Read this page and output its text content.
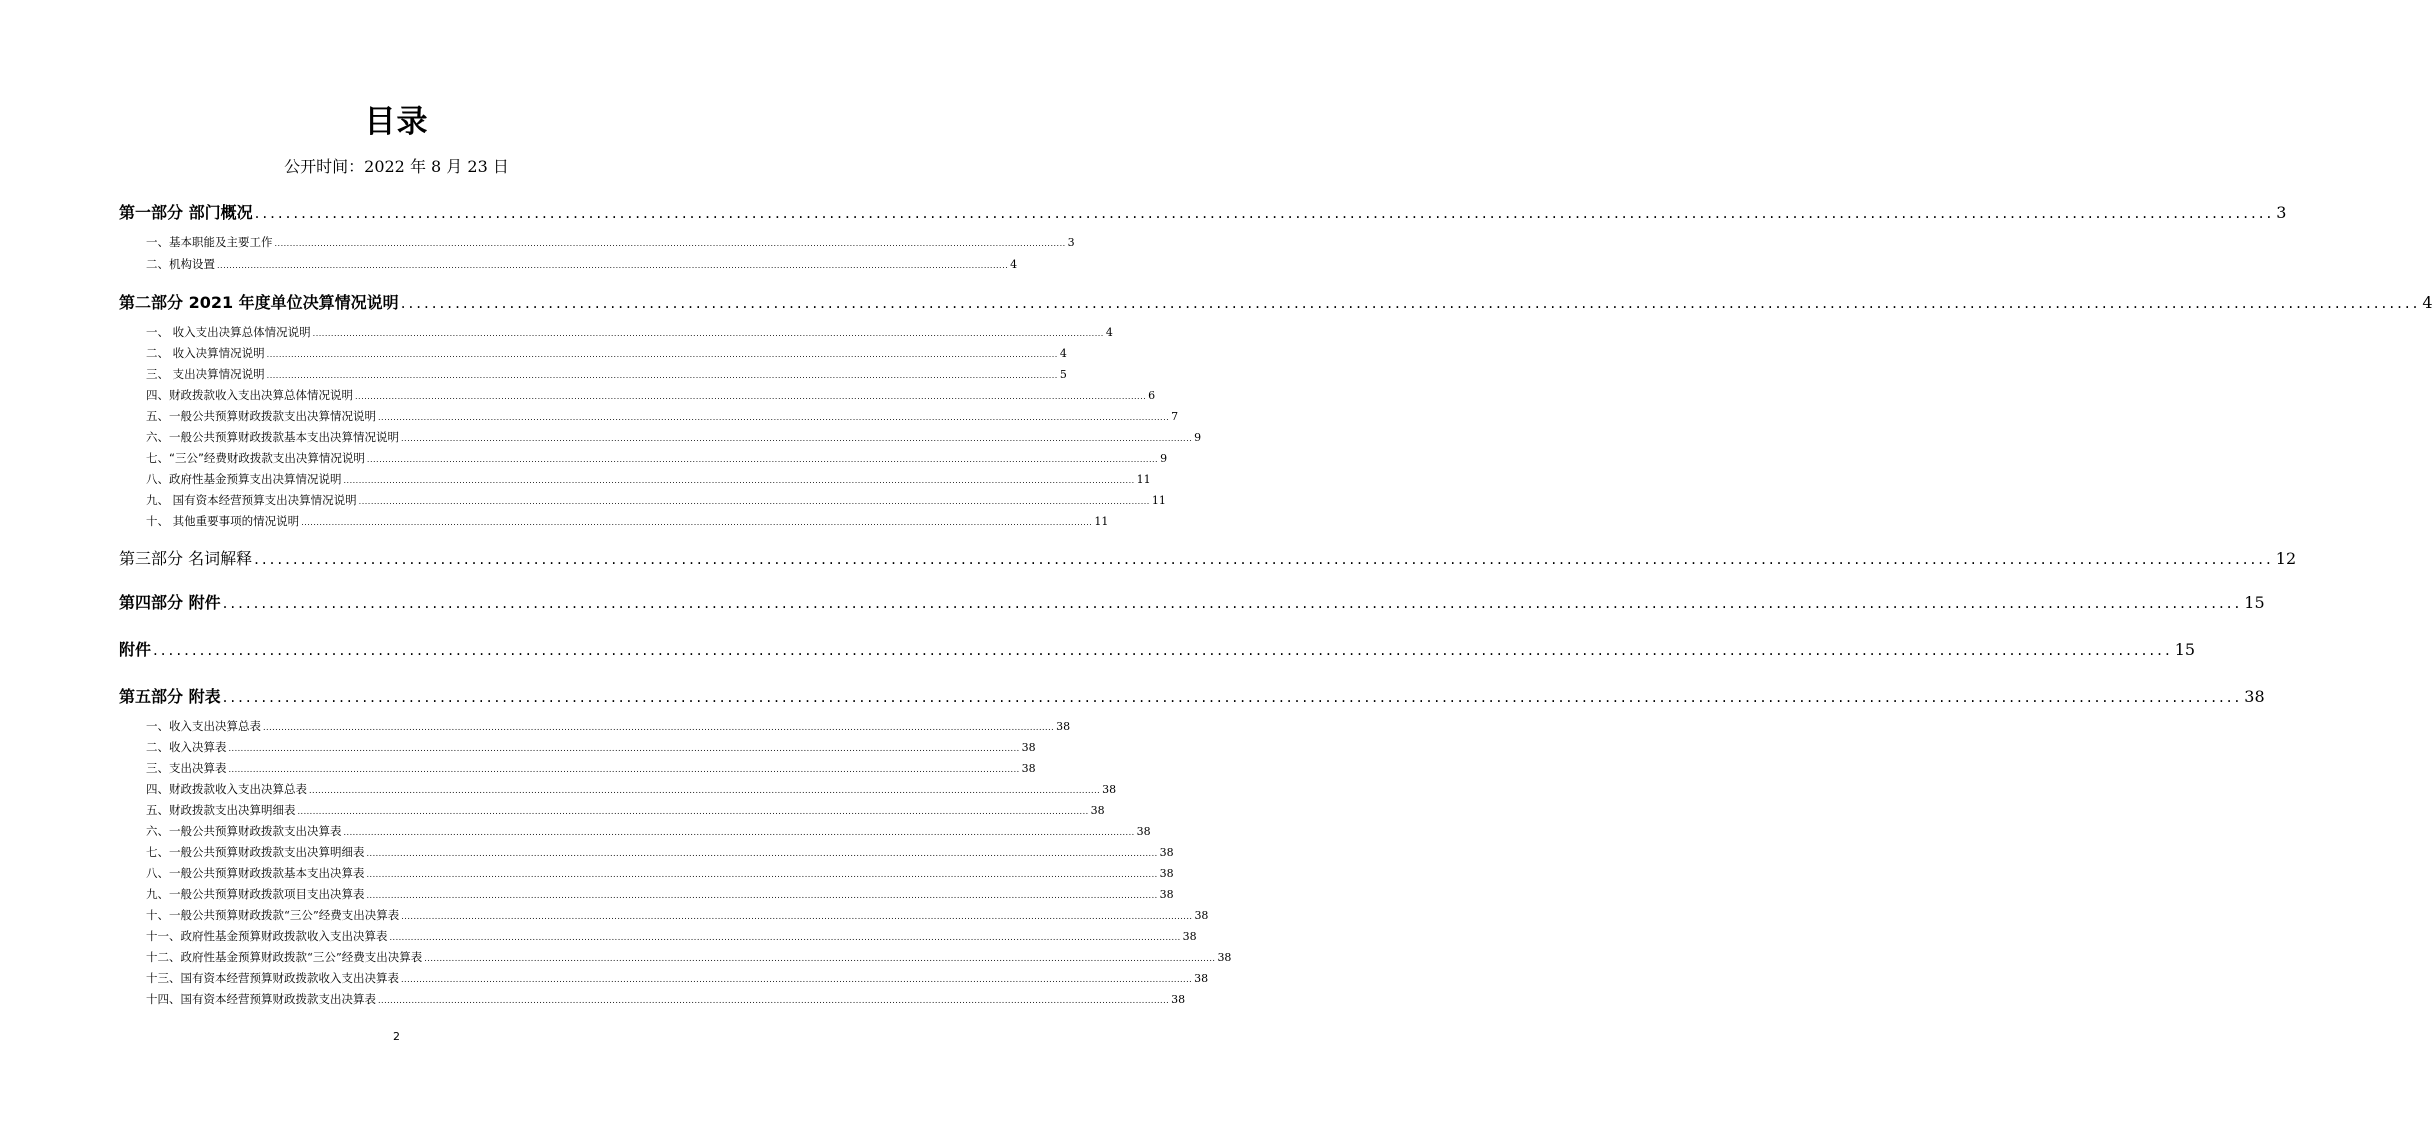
目录
公开时间：2022 年 8 月 23 日
第一部分 部门概况 .................................................................................................................................................................................................................................................................... 3
一、基本职能及主要工作 .................................................................................................................................................................................................................................................................... 3
二、机构设置 .................................................................................................................................................................................................................................................................... 4
第二部分 2021 年度单位决算情况说明 .................................................................................................................................................................................................................................................................... 4
一、 收入支出决算总体情况说明 .................................................................................................................................................................................................................................................................... 4
二、 收入决算情况说明 .................................................................................................................................................................................................................................................................... 4
三、 支出决算情况说明 .................................................................................................................................................................................................................................................................... 5
四、财政拨款收入支出决算总体情况说明 .................................................................................................................................................................................................................................................................... 6
五、一般公共预算财政拨款支出决算情况说明 .................................................................................................................................................................................................................................................................... 7
六、一般公共预算财政拨款基本支出决算情况说明 .................................................................................................................................................................................................................................................................... 9
七、“三公”经费财政拨款支出决算情况说明 .................................................................................................................................................................................................................................................................... 9
八、政府性基金预算支出决算情况说明 .................................................................................................................................................................................................................................................................... 11
九、 国有资本经营预算支出决算情况说明 .................................................................................................................................................................................................................................................................... 11
十、 其他重要事项的情况说明 .................................................................................................................................................................................................................................................................... 11
第三部分 名词解释 .................................................................................................................................................................................................................................................................... 12
第四部分 附件 .................................................................................................................................................................................................................................................................... 15
附件 .................................................................................................................................................................................................................................................................... 15
第五部分 附表 .................................................................................................................................................................................................................................................................... 38
一、收入支出决算总表 .................................................................................................................................................................................................................................................................... 38
二、收入决算表 .................................................................................................................................................................................................................................................................... 38
三、支出决算表 .................................................................................................................................................................................................................................................................... 38
四、财政拨款收入支出决算总表 .................................................................................................................................................................................................................................................................... 38
五、财政拨款支出决算明细表 .................................................................................................................................................................................................................................................................... 38
六、一般公共预算财政拨款支出决算表 .................................................................................................................................................................................................................................................................... 38
七、一般公共预算财政拨款支出决算明细表 .................................................................................................................................................................................................................................................................... 38
八、一般公共预算财政拨款基本支出决算表 .................................................................................................................................................................................................................................................................... 38
九、一般公共预算财政拨款项目支出决算表 .................................................................................................................................................................................................................................................................... 38
十、一般公共预算财政拨款“三公”经费支出决算表 .................................................................................................................................................................................................................................................................... 38
十一、政府性基金预算财政拨款收入支出决算表 .................................................................................................................................................................................................................................................................... 38
十二、政府性基金预算财政拨款“三公”经费支出决算表 .................................................................................................................................................................................................................................................................... 38
十三、国有资本经营预算财政拨款收入支出决算表 .................................................................................................................................................................................................................................................................... 38
十四、国有资本经营预算财政拨款支出决算表 .................................................................................................................................................................................................................................................................... 38
2
